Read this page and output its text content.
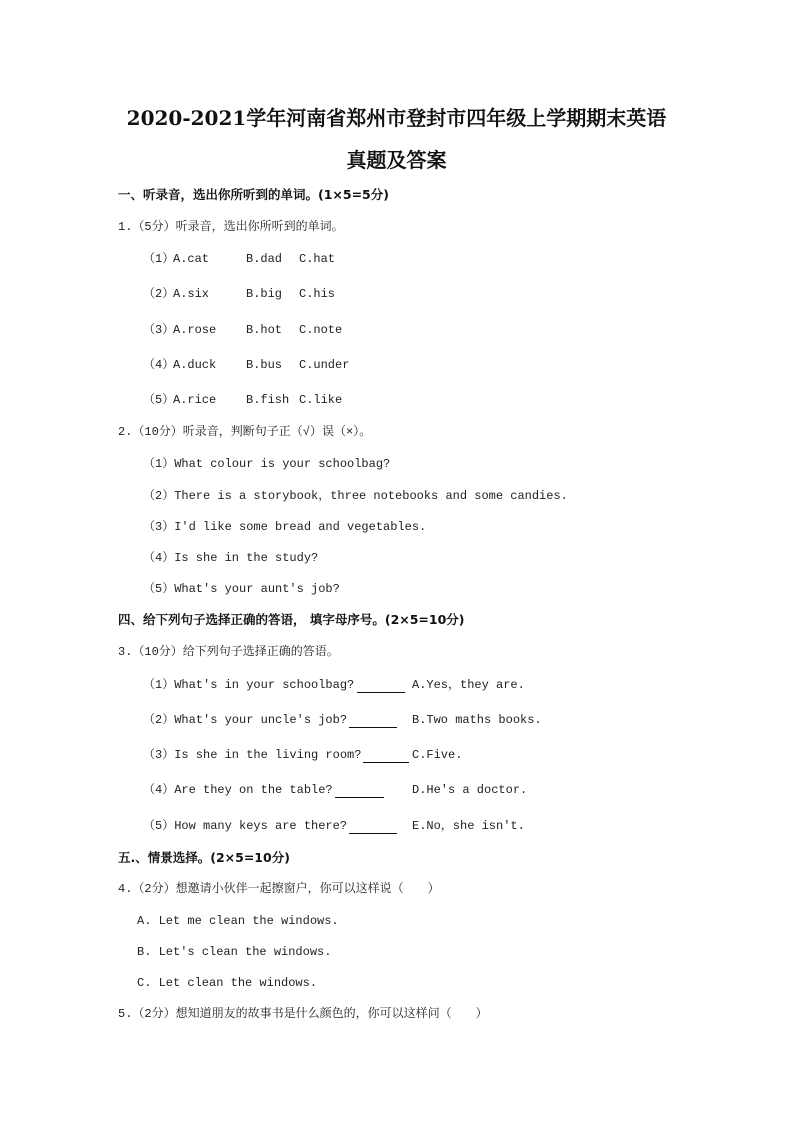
2020-2021学年河南省郑州市登封市四年级上学期期末英语
真题及答案
一、听录音，选出你所听到的单词。(1×5=5分)
1.（5分）听录音，选出你所听到的单词。
（1）
A.cat	B.dad C.hat
（2）
A.six	B.big C.his
（3）
A.rose B.hot C.note
（4）
A.duck B.bus C.under
（5）
A.rice B.fish C.like
2.（10分）听录音，判断句子正（√）误（×）。
（1）What colour is your schoolbag?
（2）There is a storybook，three notebooks and some candies.
（3）I'd like some bread and vegetables.
（4）Is she in the study?
（5）What's your aunt's job?
四、给下列句子选择正确的答语， 填字母序号。(2×5=10分)
3.（10分）给下列句子选择正确的答语。
（1）What's in your schoolbag?	A.Yes，they are.
（2）What's your uncle's job?	B.Two maths books.
（3）Is she in the living room?	C.Five.
（4）Are they on the table?	D.He's a doctor.
（5）How many keys are there?	E.No，she isn't.
五.、情景选择。(2×5=10分)
4.（2分）想邀请小伙伴一起擦窗户，你可以这样说（　　）
A. Let me clean the windows.
B. Let's clean the windows.
C. Let clean the windows.
5.（2分）想知道朋友的故事书是什么颜色的，你可以这样问（　　）
